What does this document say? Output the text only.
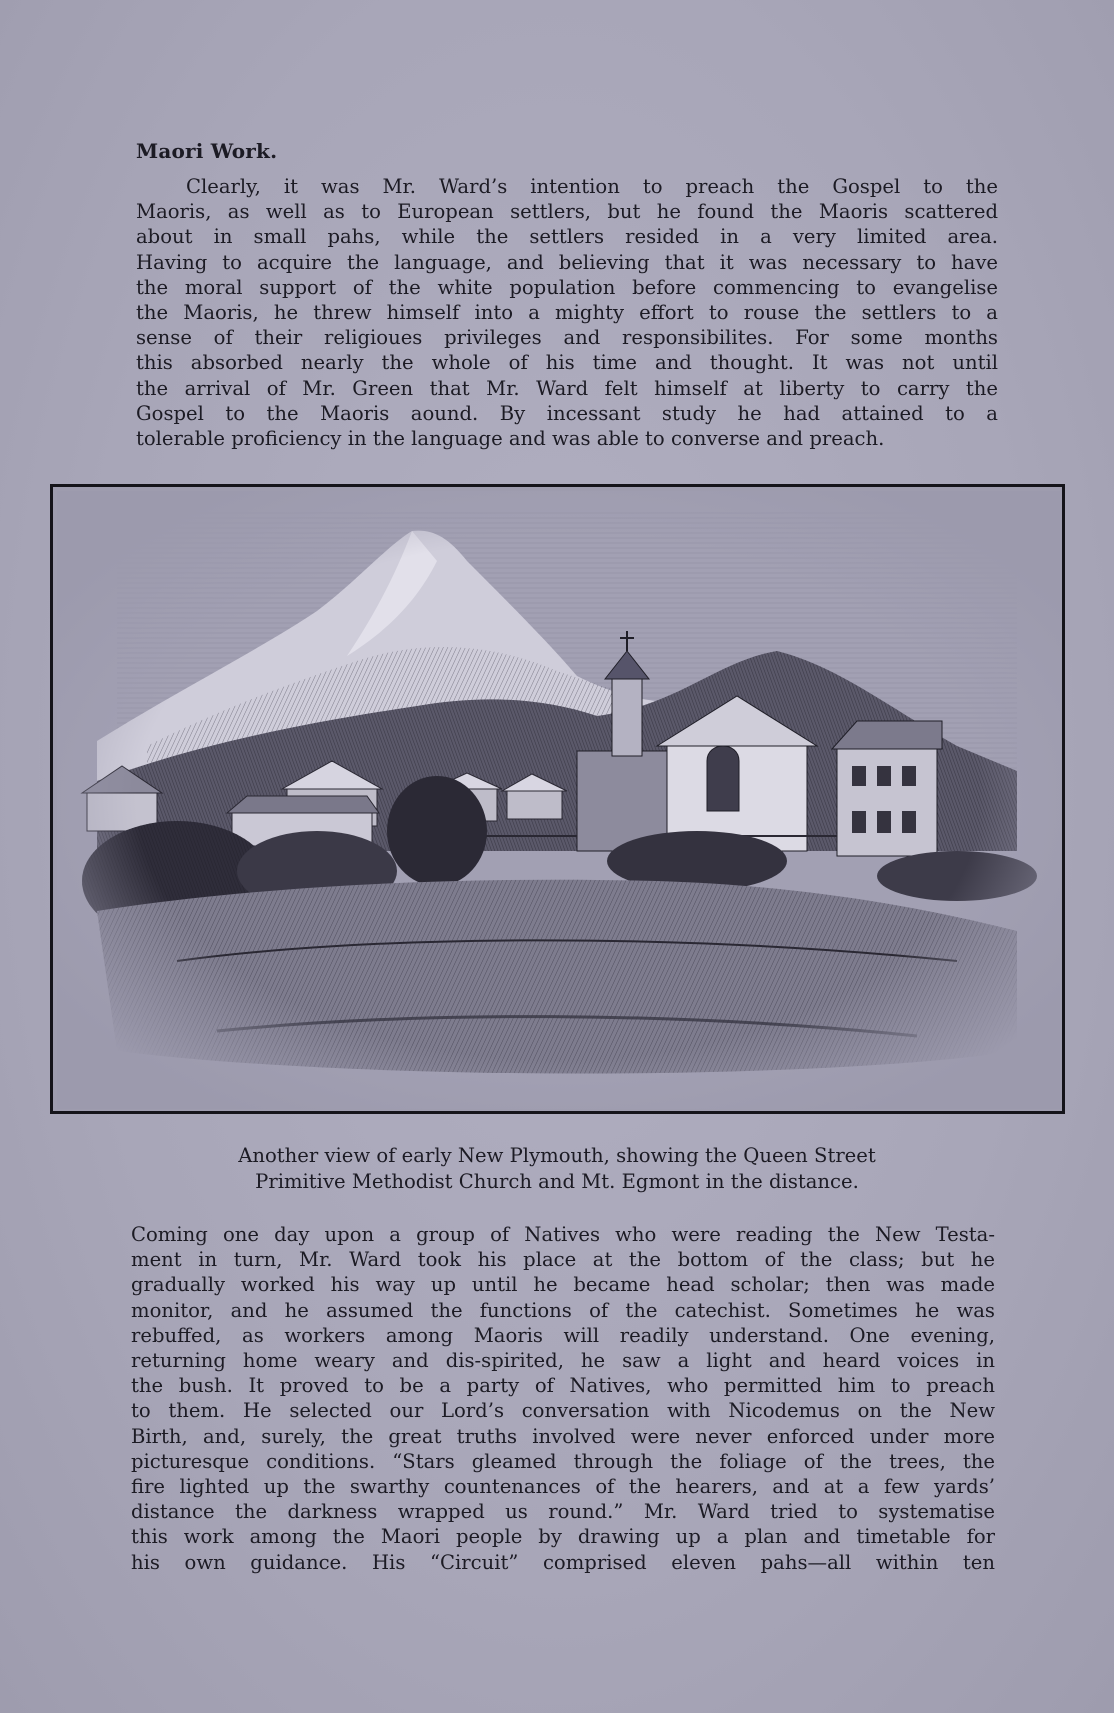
Maori Work.
Clearly, it was Mr. Ward’s intention to preach the Gospel to the
Maoris, as well as to European settlers, but he found the Maoris scattered
about in small pahs, while the settlers resided in a very limited area.
Having to acquire the language, and believing that it was necessary to have
the moral support of the white population before commencing to evangelise
the Maoris, he threw himself into a mighty effort to rouse the settlers to a
sense of their religioues privileges and responsibilites. For some months
this absorbed nearly the whole of his time and thought. It was not until
the arrival of Mr. Green that Mr. Ward felt himself at liberty to carry the
Gospel to the Maoris aound. By incessant study he had attained to a
tolerable proficiency in the language and was able to converse and preach.
Another view of early New Plymouth, showing the Queen Street
Primitive Methodist Church and Mt. Egmont in the distance.
Coming one day upon a group of Natives who were reading the New Testa-
ment in turn, Mr. Ward took his place at the bottom of the class; but he
gradually worked his way up until he became head scholar; then was made
monitor, and he assumed the functions of the catechist. Sometimes he was
rebuffed, as workers among Maoris will readily understand. One evening,
returning home weary and dis-spirited, he saw a light and heard voices in
the bush. It proved to be a party of Natives, who permitted him to preach
to them. He selected our Lord’s conversation with Nicodemus on the New
Birth, and, surely, the great truths involved were never enforced under more
picturesque conditions. “Stars gleamed through the foliage of the trees, the
fire lighted up the swarthy countenances of the hearers, and at a few yards’
distance the darkness wrapped us round.” Mr. Ward tried to systematise
this work among the Maori people by drawing up a plan and timetable for
his own guidance. His “Circuit” comprised eleven pahs—all within ten
